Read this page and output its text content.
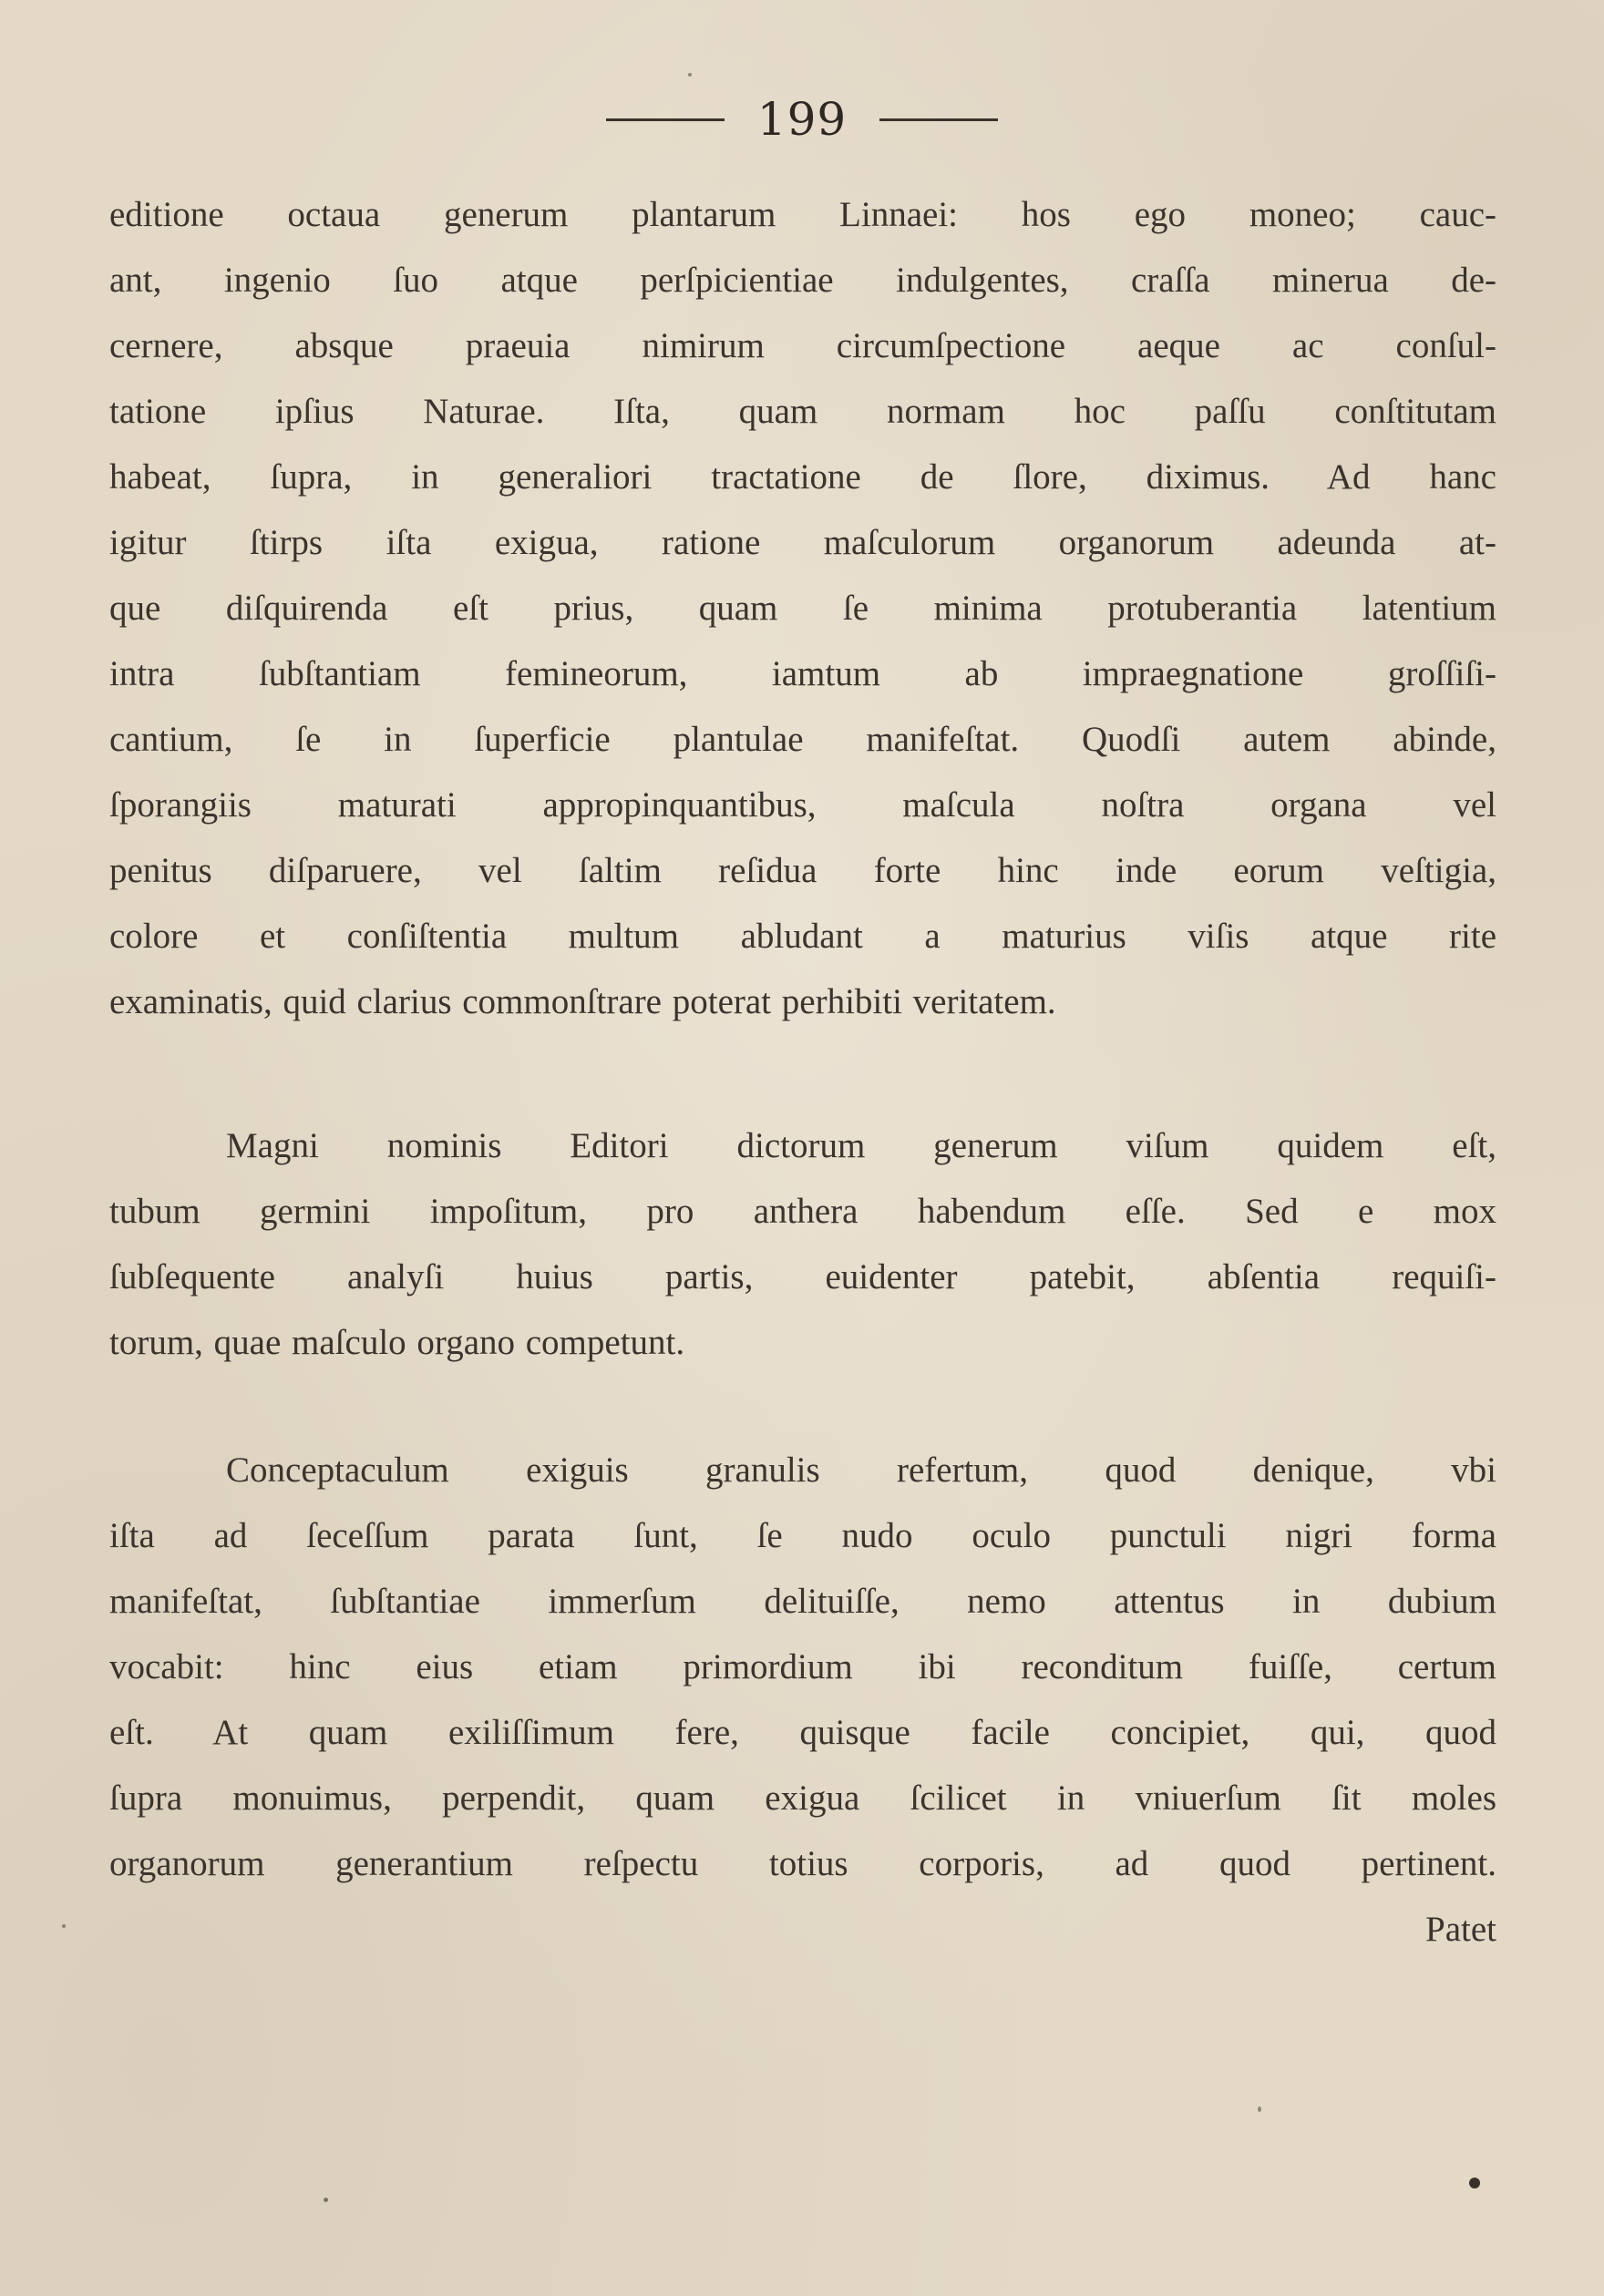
199
editione octaua generum plantarum Linnaei: hos ego moneo; cauc-
ant, ingenio ſuo atque perſpicientiae indulgentes, craſſa minerua de-
cernere, absque praeuia nimirum circumſpectione aeque ac conſul-
tatione ipſius Naturae. Iſta, quam normam hoc paſſu conſtitutam
habeat, ſupra, in generaliori tractatione de ſlore, diximus. Ad hanc
igitur ſtirps iſta exigua, ratione maſculorum organorum adeunda at-
que diſquirenda eſt prius, quam ſe minima protuberantia latentium
intra ſubſtantiam femineorum, iamtum ab impraegnatione groſſiſi-
cantium, ſe in ſuperficie plantulae manifeſtat. Quodſi autem abinde,
ſporangiis maturati appropinquantibus, maſcula noſtra organa vel
penitus diſparuere, vel ſaltim reſidua forte hinc inde eorum veſtigia,
colore et conſiſtentia multum abludant a maturius viſis atque rite
examinatis, quid clarius commonſtrare poterat perhibiti veritatem.
Magni nominis Editori dictorum generum viſum quidem eſt,
tubum germini impoſitum, pro anthera habendum eſſe. Sed e mox
ſubſequente analyſi huius partis, euidenter patebit, abſentia requiſi-
torum, quae maſculo organo competunt.
Conceptaculum exiguis granulis refertum, quod denique, vbi
iſta ad ſeceſſum parata ſunt, ſe nudo oculo punctuli nigri forma
manifeſtat, ſubſtantiae immerſum delituiſſe, nemo attentus in dubium
vocabit: hinc eius etiam primordium ibi reconditum fuiſſe, certum
eſt. At quam exiliſſimum fere, quisque facile concipiet, qui, quod
ſupra monuimus, perpendit, quam exigua ſcilicet in vniuerſum ſit moles
organorum generantium reſpectu totius corporis, ad quod pertinent.
Patet
